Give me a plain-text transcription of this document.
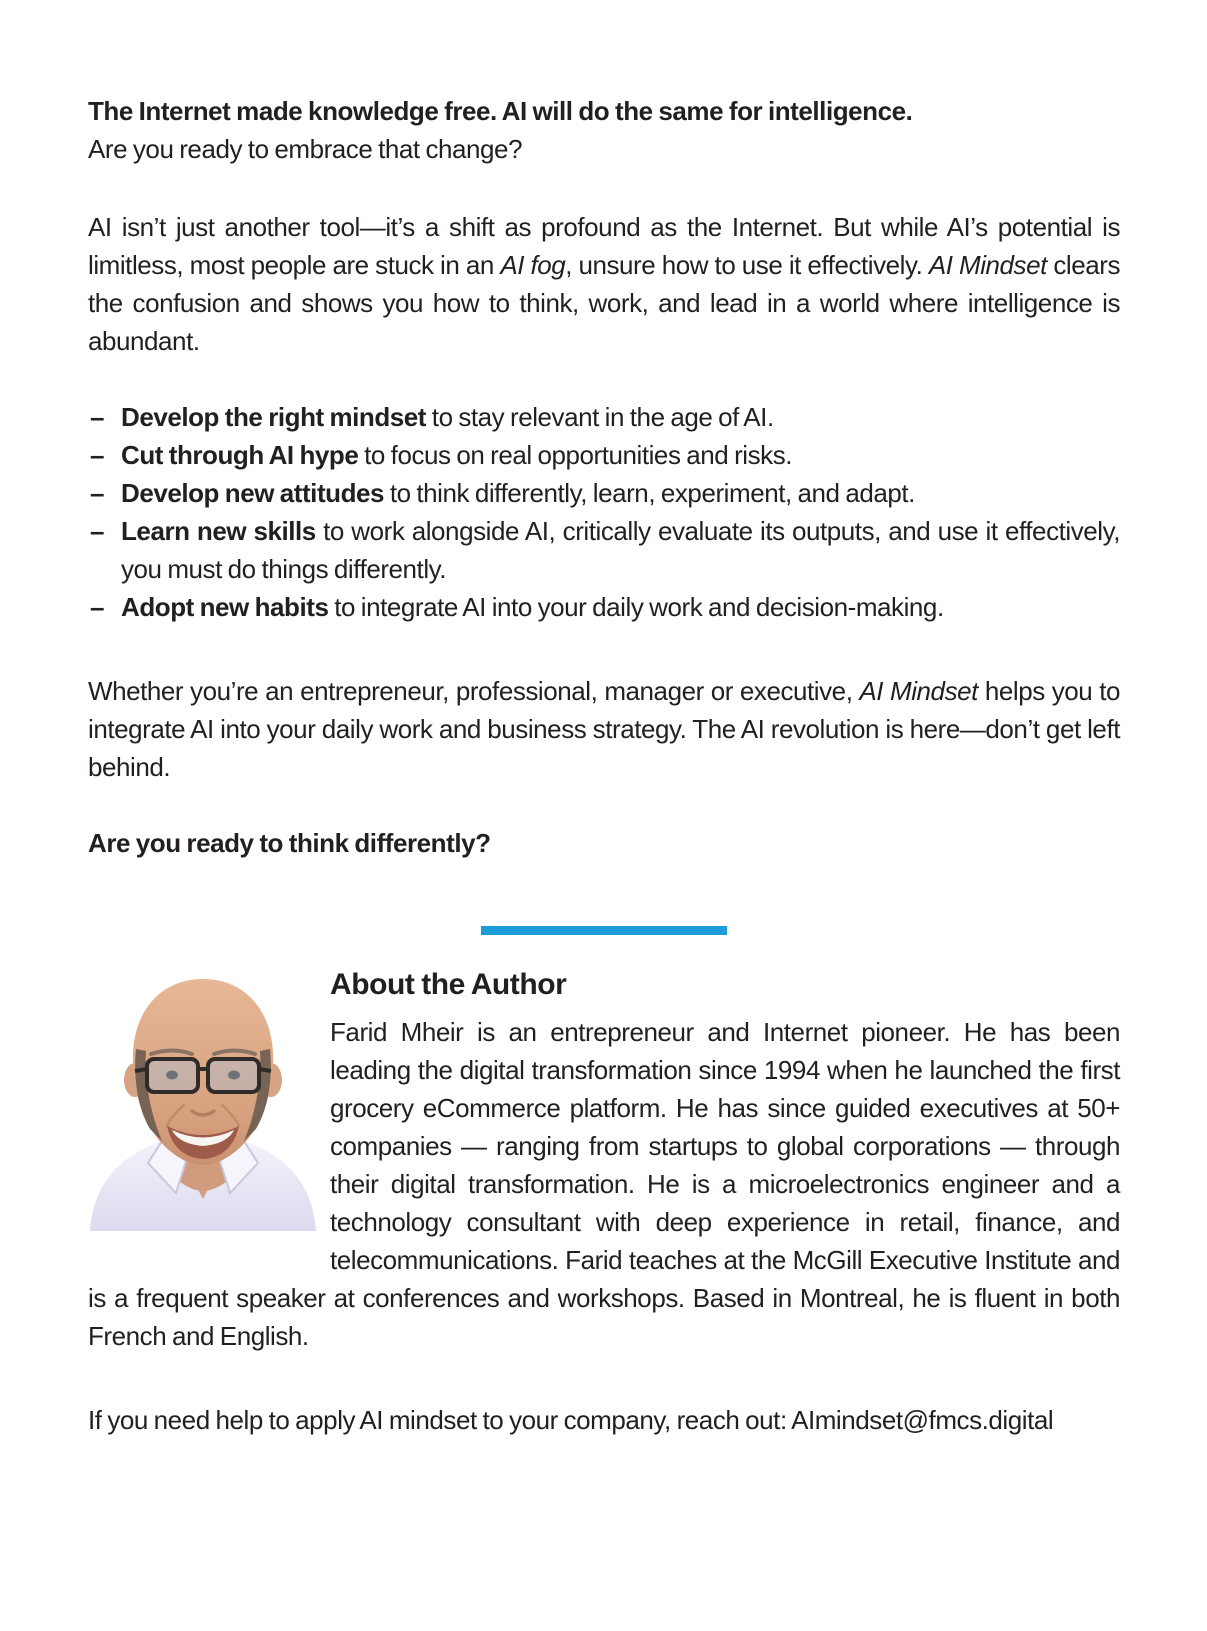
The Internet made knowledge free. AI will do the same for intelligence.

Are you ready to embrace that change?

AI isn’t just another tool—it’s a shift as profound as the Internet. But while AI’s potential is limitless, most people are stuck in an AI fog, unsure how to use it effectively. AI Mindset clears the confusion and shows you how to think, work, and lead in a world where intelligence is abundant.

– Develop the right mindset to stay relevant in the age of AI.
– Cut through AI hype to focus on real opportunities and risks.
– Develop new attitudes to think differently, learn, experiment, and adapt.
– Learn new skills to work alongside AI, critically evaluate its outputs, and use it effectively, you must do things differently.
– Adopt new habits to integrate AI into your daily work and decision-making.

Whether you’re an entrepreneur, professional, manager or executive, AI Mindset helps you to integrate AI into your daily work and business strategy. The AI revolution is here—don’t get left behind.

Are you ready to think differently?

About the Author

Farid Mheir is an entrepreneur and Internet pioneer. He has been leading the digital transformation since 1994 when he launched the first grocery eCommerce platform. He has since guided executives at 50+ companies — ranging from startups to global corporations — through their digital transformation. He is a microelectronics engineer and a technology consultant with deep experience in retail, finance, and telecommunications. Farid teaches at the McGill Executive Institute and is a frequent speaker at conferences and workshops. Based in Montreal, he is fluent in both French and English.

If you need help to apply AI mindset to your company, reach out: AImindset@​fmcs.digital
